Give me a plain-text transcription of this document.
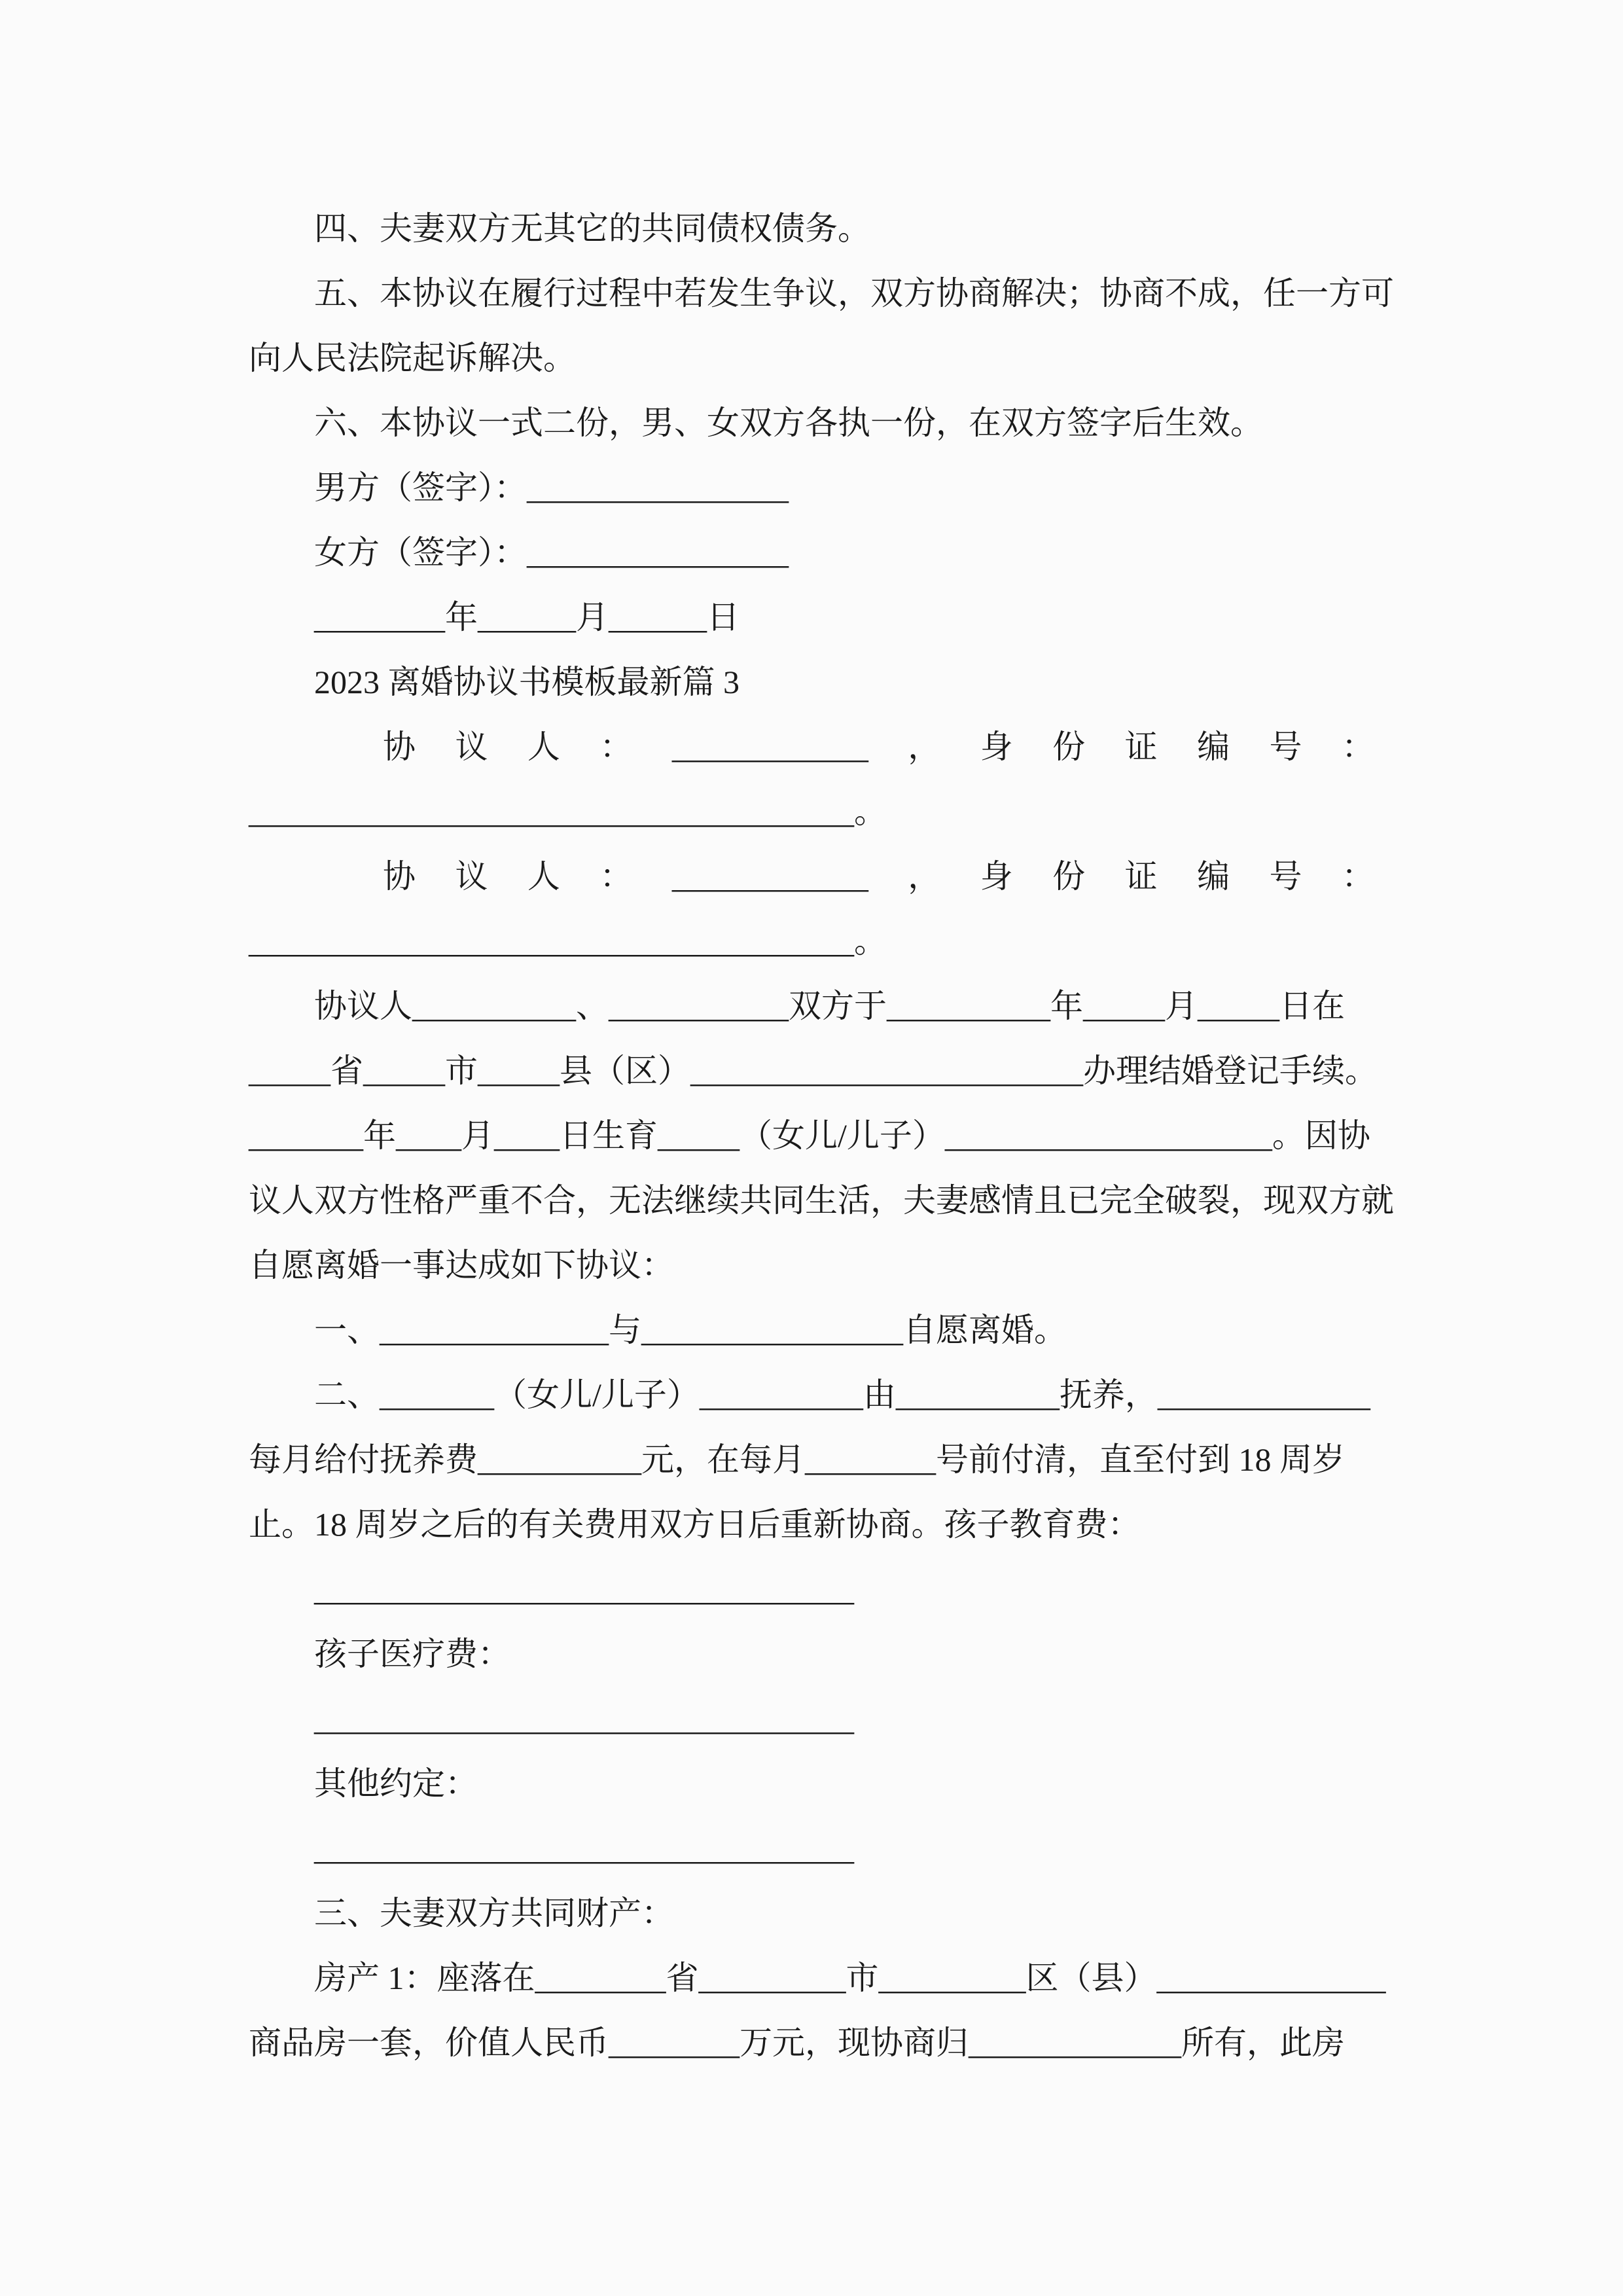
四、夫妻双方无其它的共同债权债务。
五、本协议在履行过程中若发生争议，双方协商解决；协商不成，任一方可
向人民法院起诉解决。
六、本协议一式二份，男、女双方各执一份，在双方签字后生效。
男方（签字）：________________
女方（签字）：________________
________年______月______日
2023 离婚协议书模板最新篇 3
协 议 人 ： ____________ ， 身 份 证 编 号 ：
_____________________________________。
协 议 人 ： ____________ ， 身 份 证 编 号 ：
_____________________________________。
协议人__________、___________双方于__________年_____月_____日在
_____省_____市_____县（区）________________________办理结婚登记手续。
_______年____月____日生育_____（女儿/儿子）____________________。因协
议人双方性格严重不合，无法继续共同生活，夫妻感情且已完全破裂，现双方就
自愿离婚一事达成如下协议：
一、______________与________________自愿离婚。
二、_______（女儿/儿子）__________由__________抚养，_____________
每月给付抚养费__________元，在每月________号前付清，直至付到 18 周岁
止。18 周岁之后的有关费用双方日后重新协商。孩子教育费：
_________________________________
孩子医疗费：
_________________________________
其他约定：
_________________________________
三、夫妻双方共同财产：
房产 1：座落在________省_________市_________区（县）______________
商品房一套，价值人民币________万元，现协商归_____________所有，此房
